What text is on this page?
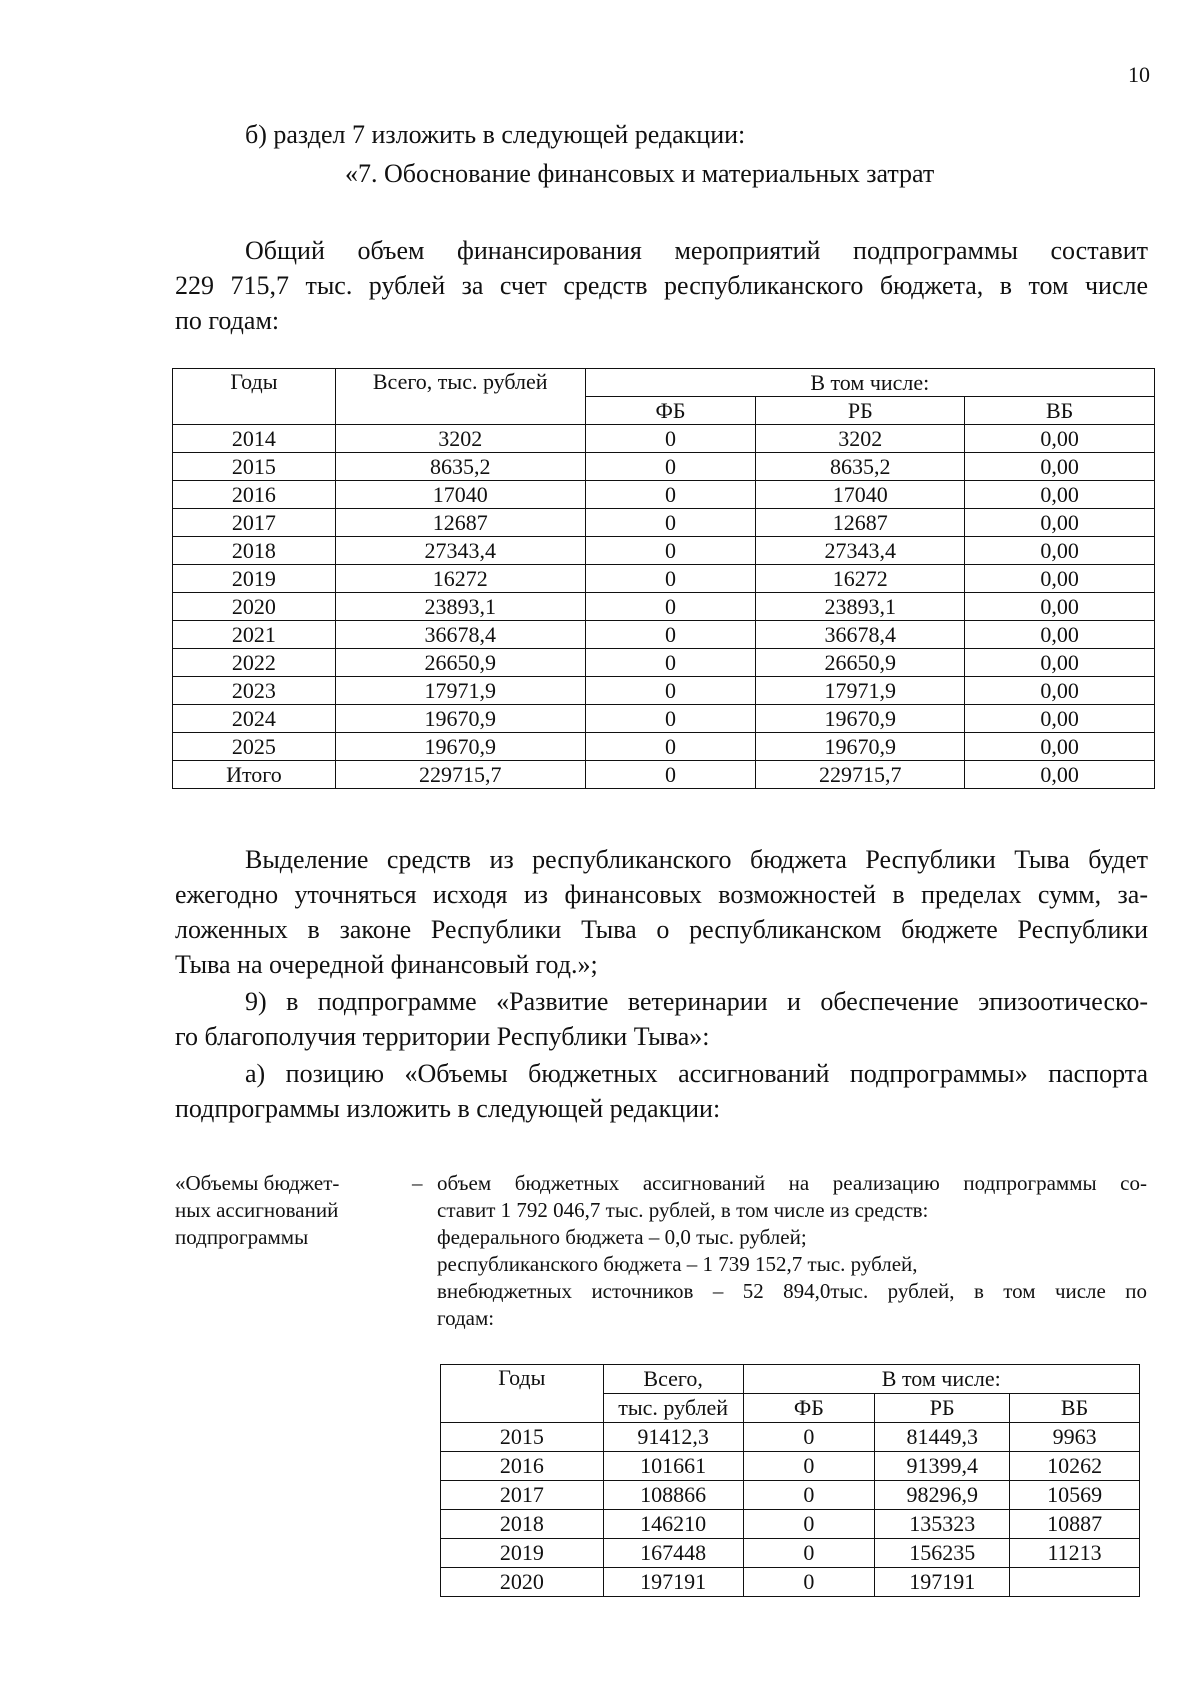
10
б) раздел 7 изложить в следующей редакции:
«7. Обоснование финансовых и материальных затрат
Общий объем финансирования мероприятий подпрограммы составит
229 715,7 тыс. рублей за счет средств республиканского бюджета, в том числе
по годам:
Годы	Всего, тыс. рублей	В том числе:		
		ФБ	РБ	ВБ
2014	3202	0	3202	0,00
2015	8635,2	0	8635,2	0,00
2016	17040	0	17040	0,00
2017	12687	0	12687	0,00
2018	27343,4	0	27343,4	0,00
2019	16272	0	16272	0,00
2020	23893,1	0	23893,1	0,00
2021	36678,4	0	36678,4	0,00
2022	26650,9	0	26650,9	0,00
2023	17971,9	0	17971,9	0,00
2024	19670,9	0	19670,9	0,00
2025	19670,9	0	19670,9	0,00
Итого	229715,7	0	229715,7	0,00
Выделение средств из республиканского бюджета Республики Тыва будет
ежегодно уточняться исходя из финансовых возможностей в пределах сумм, за-
ложенных в законе Республики Тыва о республиканском бюджете Республики
Тыва на очередной финансовый год.»;
9) в подпрограмме «Развитие ветеринарии и обеспечение эпизоотическо-
го благополучия территории Республики Тыва»:
а) позицию «Объемы бюджетных ассигнований подпрограммы» паспорта
подпрограммы изложить в следующей редакции:
«Объемы бюджет-
ных ассигнований
подпрограммы
– объем бюджетных ассигнований на реализацию подпрограммы со-
ставит 1 792 046,7 тыс. рублей, в том числе из средств:
федерального бюджета – 0,0 тыс. рублей;
республиканского бюджета – 1 739 152,7 тыс. рублей,
внебюджетных источников – 52 894,0тыс. рублей, в том числе по
годам:
Годы	Всего,	В том числе:		
	тыс. рублей	ФБ	РБ	ВБ
2015	91412,3	0	81449,3	9963
2016	101661	0	91399,4	10262
2017	108866	0	98296,9	10569
2018	146210	0	135323	10887
2019	167448	0	156235	11213
2020	197191	0	197191	
